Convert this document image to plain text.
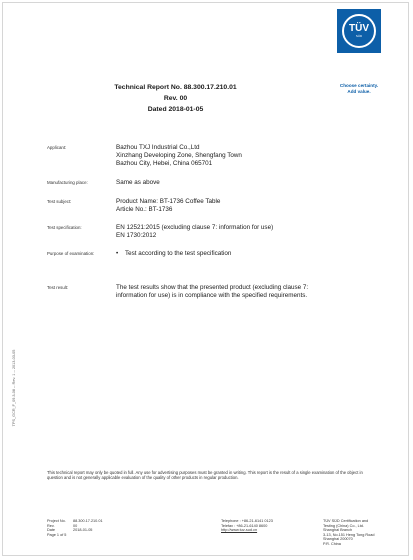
TÜV
SÜD
Choose certainty.
Add value.
Technical Report No. 88.300.17.210.01
Rev. 00
Dated 2018-01-05
Applicant:	Bazhou TXJ Industrial Co.,Ltd
Xinzhang Developing Zone, Shengfang Town
Bazhou City, Hebei, China 065701
Manufacturing place:	Same as above
Test subject:	Product Name: BT-1736 Coffee Table
Article No.: BT-1736
Test specification:	EN 12521:2015 (excluding clause 7: information for use)
EN 1730:2012
Purpose of examination:	• Test according to the test specification
Test result:	The test results show that the presented product (excluding clause 7:
information for use) is in compliance with the specified requirements.
TPS_GCR_F_09.3-08 -- Rev. 1 -- 2013-03-05
This technical report may only be quoted in full. Any use for advertising purposes must be granted in writing. This report is the result of a single examination of the object in question and is not generally applicable evaluation of the quality of other products in regular production.
Project No. 88.300.17.210.01
Rev.	00
Date	2018-01-05
Page 1 of 5
Telephone : +86-21-6141 0123
Telefax : +86-21-6140 8600
http://www.tuv-sud.cn
TÜV SÜD Certification and
Testing (China) Co., Ltd.
Shanghai Branch
3-13, No.151 Heng Tong Road
Shanghai 200070
P.R. China
